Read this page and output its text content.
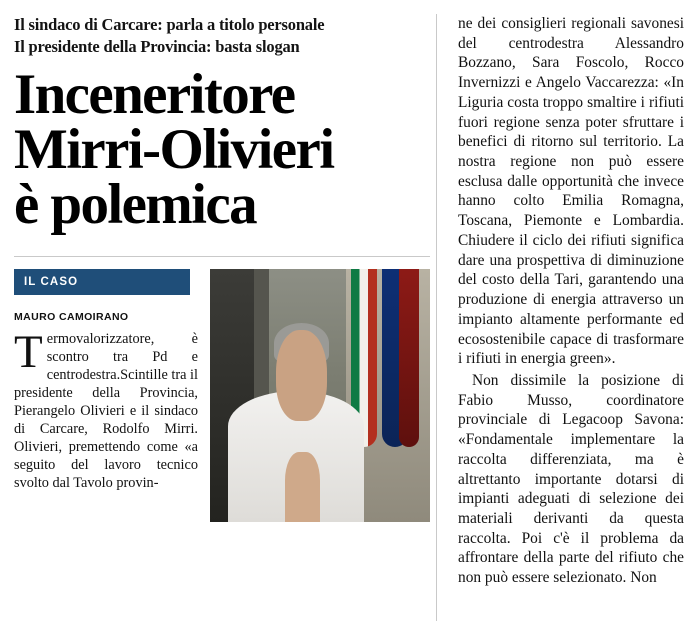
Il sindaco di Carcare: parla a titolo personale
Il presidente della Provincia: basta slogan
Inceneritore
Mirri-Olivieri
è polemica
IL CASO
MAURO CAMOIRANO

Termovalorizzatore, è scontro tra Pd e centrodestra.Scintille tra il presidente della Provincia, Pierangelo Olivieri e il sindaco di Carcare, Rodolfo Mirri. Olivieri, premettendo come «a seguito del lavoro tecnico svolto dal Tavolo provin-

ne dei consiglieri regionali savonesi del centrodestra Alessandro Bozzano, Sara Foscolo, Rocco Invernizzi e Angelo Vaccarezza: «In Liguria costa troppo smaltire i rifiuti fuori regione senza poter sfruttare i benefici di ritorno sul territorio. La nostra regione non può essere esclusa dalle opportunità che invece hanno colto Emilia Romagna, Toscana, Piemonte e Lombardia. Chiudere il ciclo dei rifiuti significa dare una prospettiva di diminuzione del costo della Tari, garantendo una produzione di energia attraverso un impianto altamente performante ed ecosostenibile capace di trasformare i rifiuti in energia green».

Non dissimile la posizione di Fabio Musso, coordinatore provinciale di Legacoop Savona: «Fondamentale implementare la raccolta differenziata, ma è altrettanto importante dotarsi di impianti adeguati di selezione dei materiali derivanti da questa raccolta. Poi c'è il problema da affrontare della parte del rifiuto che non può essere selezionato. Non
